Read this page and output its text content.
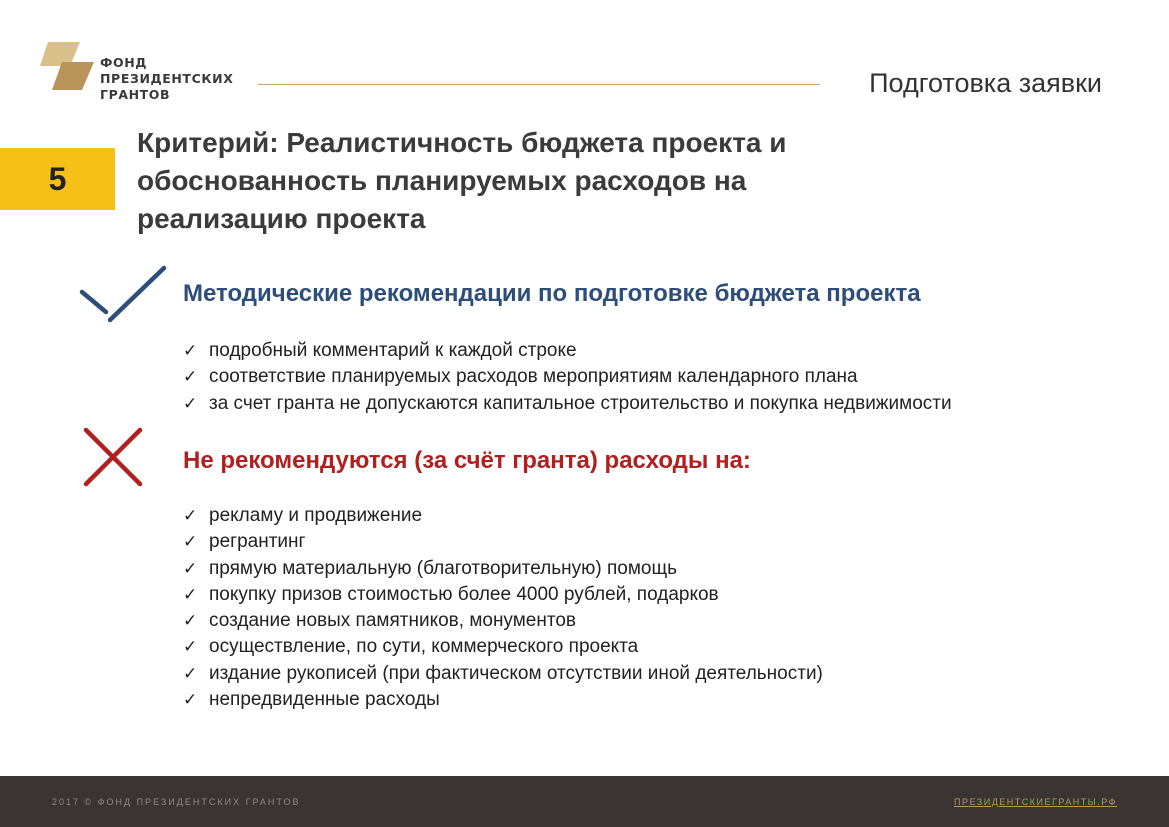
ФОНД
ПРЕЗИДЕНТСКИХ
ГРАНТОВ	Подготовка заявки
5
Критерий: Реалистичность бюджета проекта и
обоснованность планируемых расходов на
реализацию проекта
Методические рекомендации по подготовке бюджета проекта
✓ подробный комментарий к каждой строке
✓ соответствие планируемых расходов мероприятиям календарного плана
✓ за счет гранта не допускаются капитальное строительство и покупка недвижимости
Не рекомендуются (за счёт гранта) расходы на:
✓ рекламу и продвижение
✓ регрантинг
✓ прямую материальную (благотворительную) помощь
✓ покупку призов стоимостью более 4000 рублей, подарков
✓ создание новых памятников, монументов
✓ осуществление, по сути, коммерческого проекта
✓ издание рукописей (при фактическом отсутствии иной деятельности)
✓ непредвиденные расходы
2017 © ФОНД ПРЕЗИДЕНТСКИХ ГРАНТОВ	ПРЕЗИДЕНТСКИЕГРАНТЫ.РФ
